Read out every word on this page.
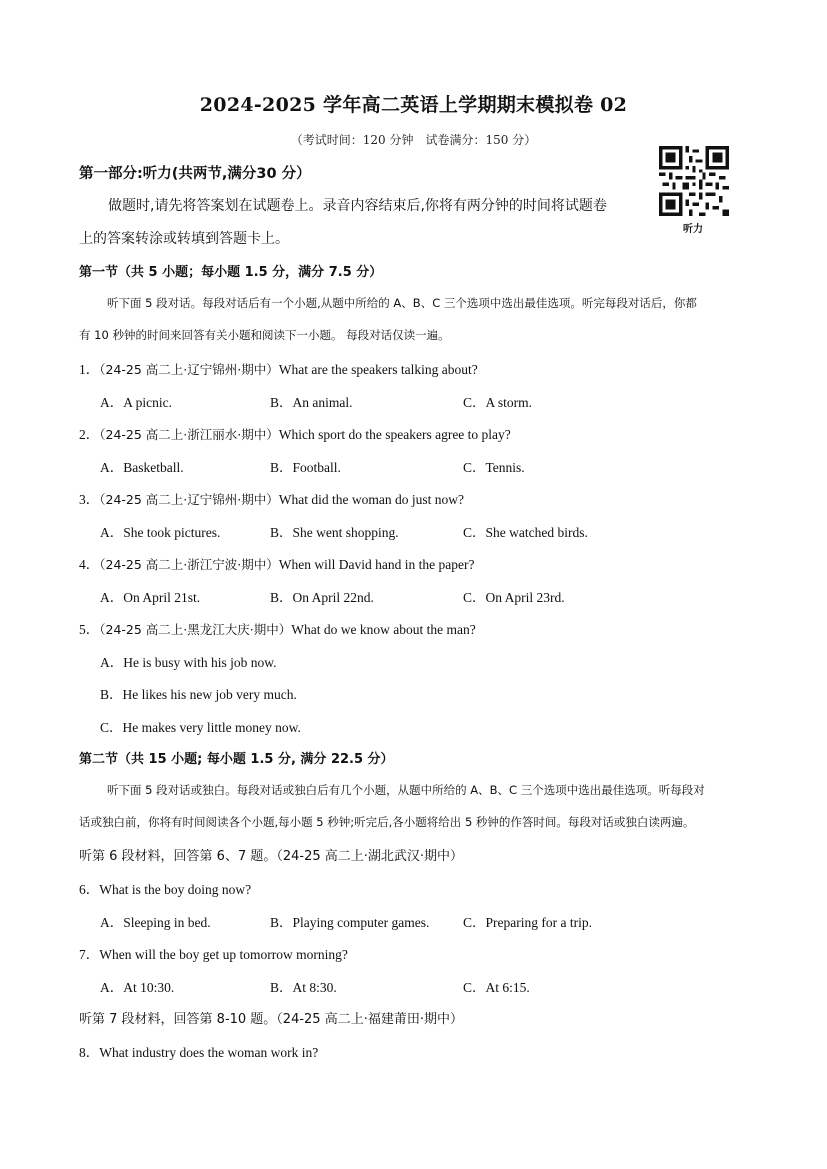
2024-2025 学年高二英语上学期期末模拟卷 02
（考试时间：120 分钟　试卷满分：150 分）
听力
第一部分:听力(共两节,满分30 分）
做题时,请先将答案划在试题卷上。录音内容结束后,你将有两分钟的时间将试题卷
上的答案转涂或转填到答题卡上。
第一节（共 5 小题；每小题 1.5 分，满分 7.5 分）
听下面 5 段对话。每段对话后有一个小题,从题中所给的 A、B、C 三个选项中选出最佳选项。听完每段对话后，你都
有 10 秒钟的时间来回答有关小题和阅读下一小题。 每段对话仅读一遍。
1．（24-25 高二上·辽宁锦州·期中）What are the speakers talking about?
A．A picnic.	B．An animal.	C．A storm.
2．（24-25 高二上·浙江丽水·期中）Which sport do the speakers agree to play?
A．Basketball.	B．Football.	C．Tennis.
3．（24-25 高二上·辽宁锦州·期中）What did the woman do just now?
A．She took pictures.	B．She went shopping.	C．She watched birds.
4．（24-25 高二上·浙江宁波·期中）When will David hand in the paper?
A．On April 21st.	B．On April 22nd.	C．On April 23rd.
5．（24-25 高二上·黑龙江大庆·期中）What do we know about the man?
A．He is busy with his job now.
B．He likes his new job very much.
C．He makes very little money now.
第二节（共 15 小题; 每小题 1.5 分, 满分 22.5 分）
听下面 5 段对话或独白。每段对话或独白后有几个小题，从题中所给的 A、B、C 三个选项中选出最佳选项。听每段对
话或独白前，你将有时间阅读各个小题,每小题 5 秒钟;听完后,各小题将给出 5 秒钟的作答时间。每段对话或独白读两遍。
听第 6 段材料，回答第 6、7 题。（24-25 高二上·湖北武汉·期中）
6．What is the boy doing now?
A．Sleeping in bed.	B．Playing computer games. C．Preparing for a trip.
7．When will the boy get up tomorrow morning?
A．At 10:30.	B．At 8:30.	C．At 6:15.
听第 7 段材料，回答第 8-10 题。（24-25 高二上·福建莆田·期中）
8．What industry does the woman work in?
